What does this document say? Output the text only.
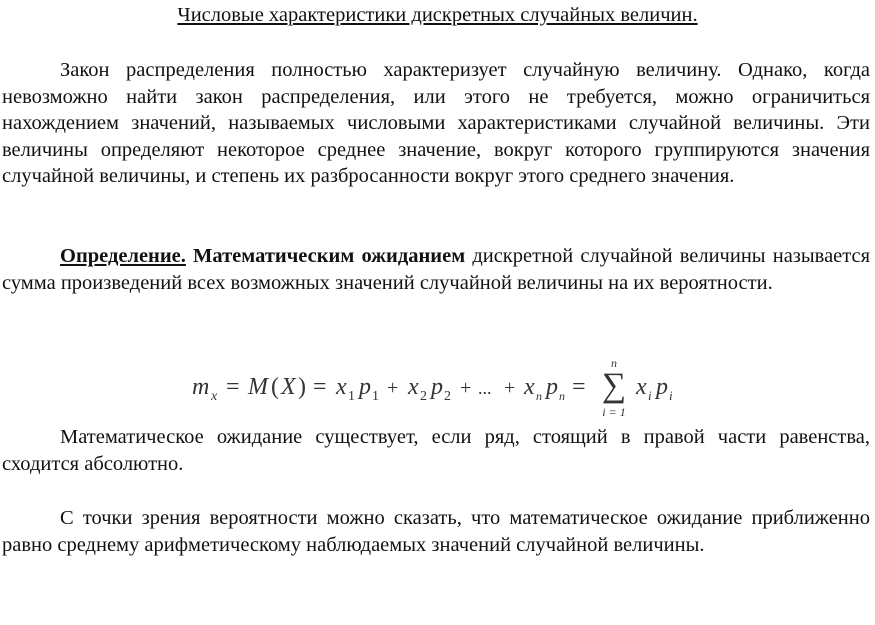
Числовые характеристики дискретных случайных величин.

Закон распределения полностью характеризует случайную величину. Однако, когда невозможно найти закон распределения, или этого не требуется, можно ограничиться нахождением значений, называемых числовыми характеристиками случайной величины. Эти величины определяют некоторое среднее значение, вокруг которого группируются значения случайной величины, и степень их разбросанности вокруг этого среднего значения.

Определение. Математическим ожиданием дискретной случайной величины называется сумма произведений всех возможных значений случайной величины на их вероятности.

m x = M ( X ) = x 1 p 1 + x 2 p 2 + ... + x n p n =
n
∑
i = 1
x i p i

Математическое ожидание существует, если ряд, стоящий в правой части равенства, сходится абсолютно.

С точки зрения вероятности можно сказать, что математическое ожидание приближенно равно среднему арифметическому наблюдаемых значений случайной величины.
